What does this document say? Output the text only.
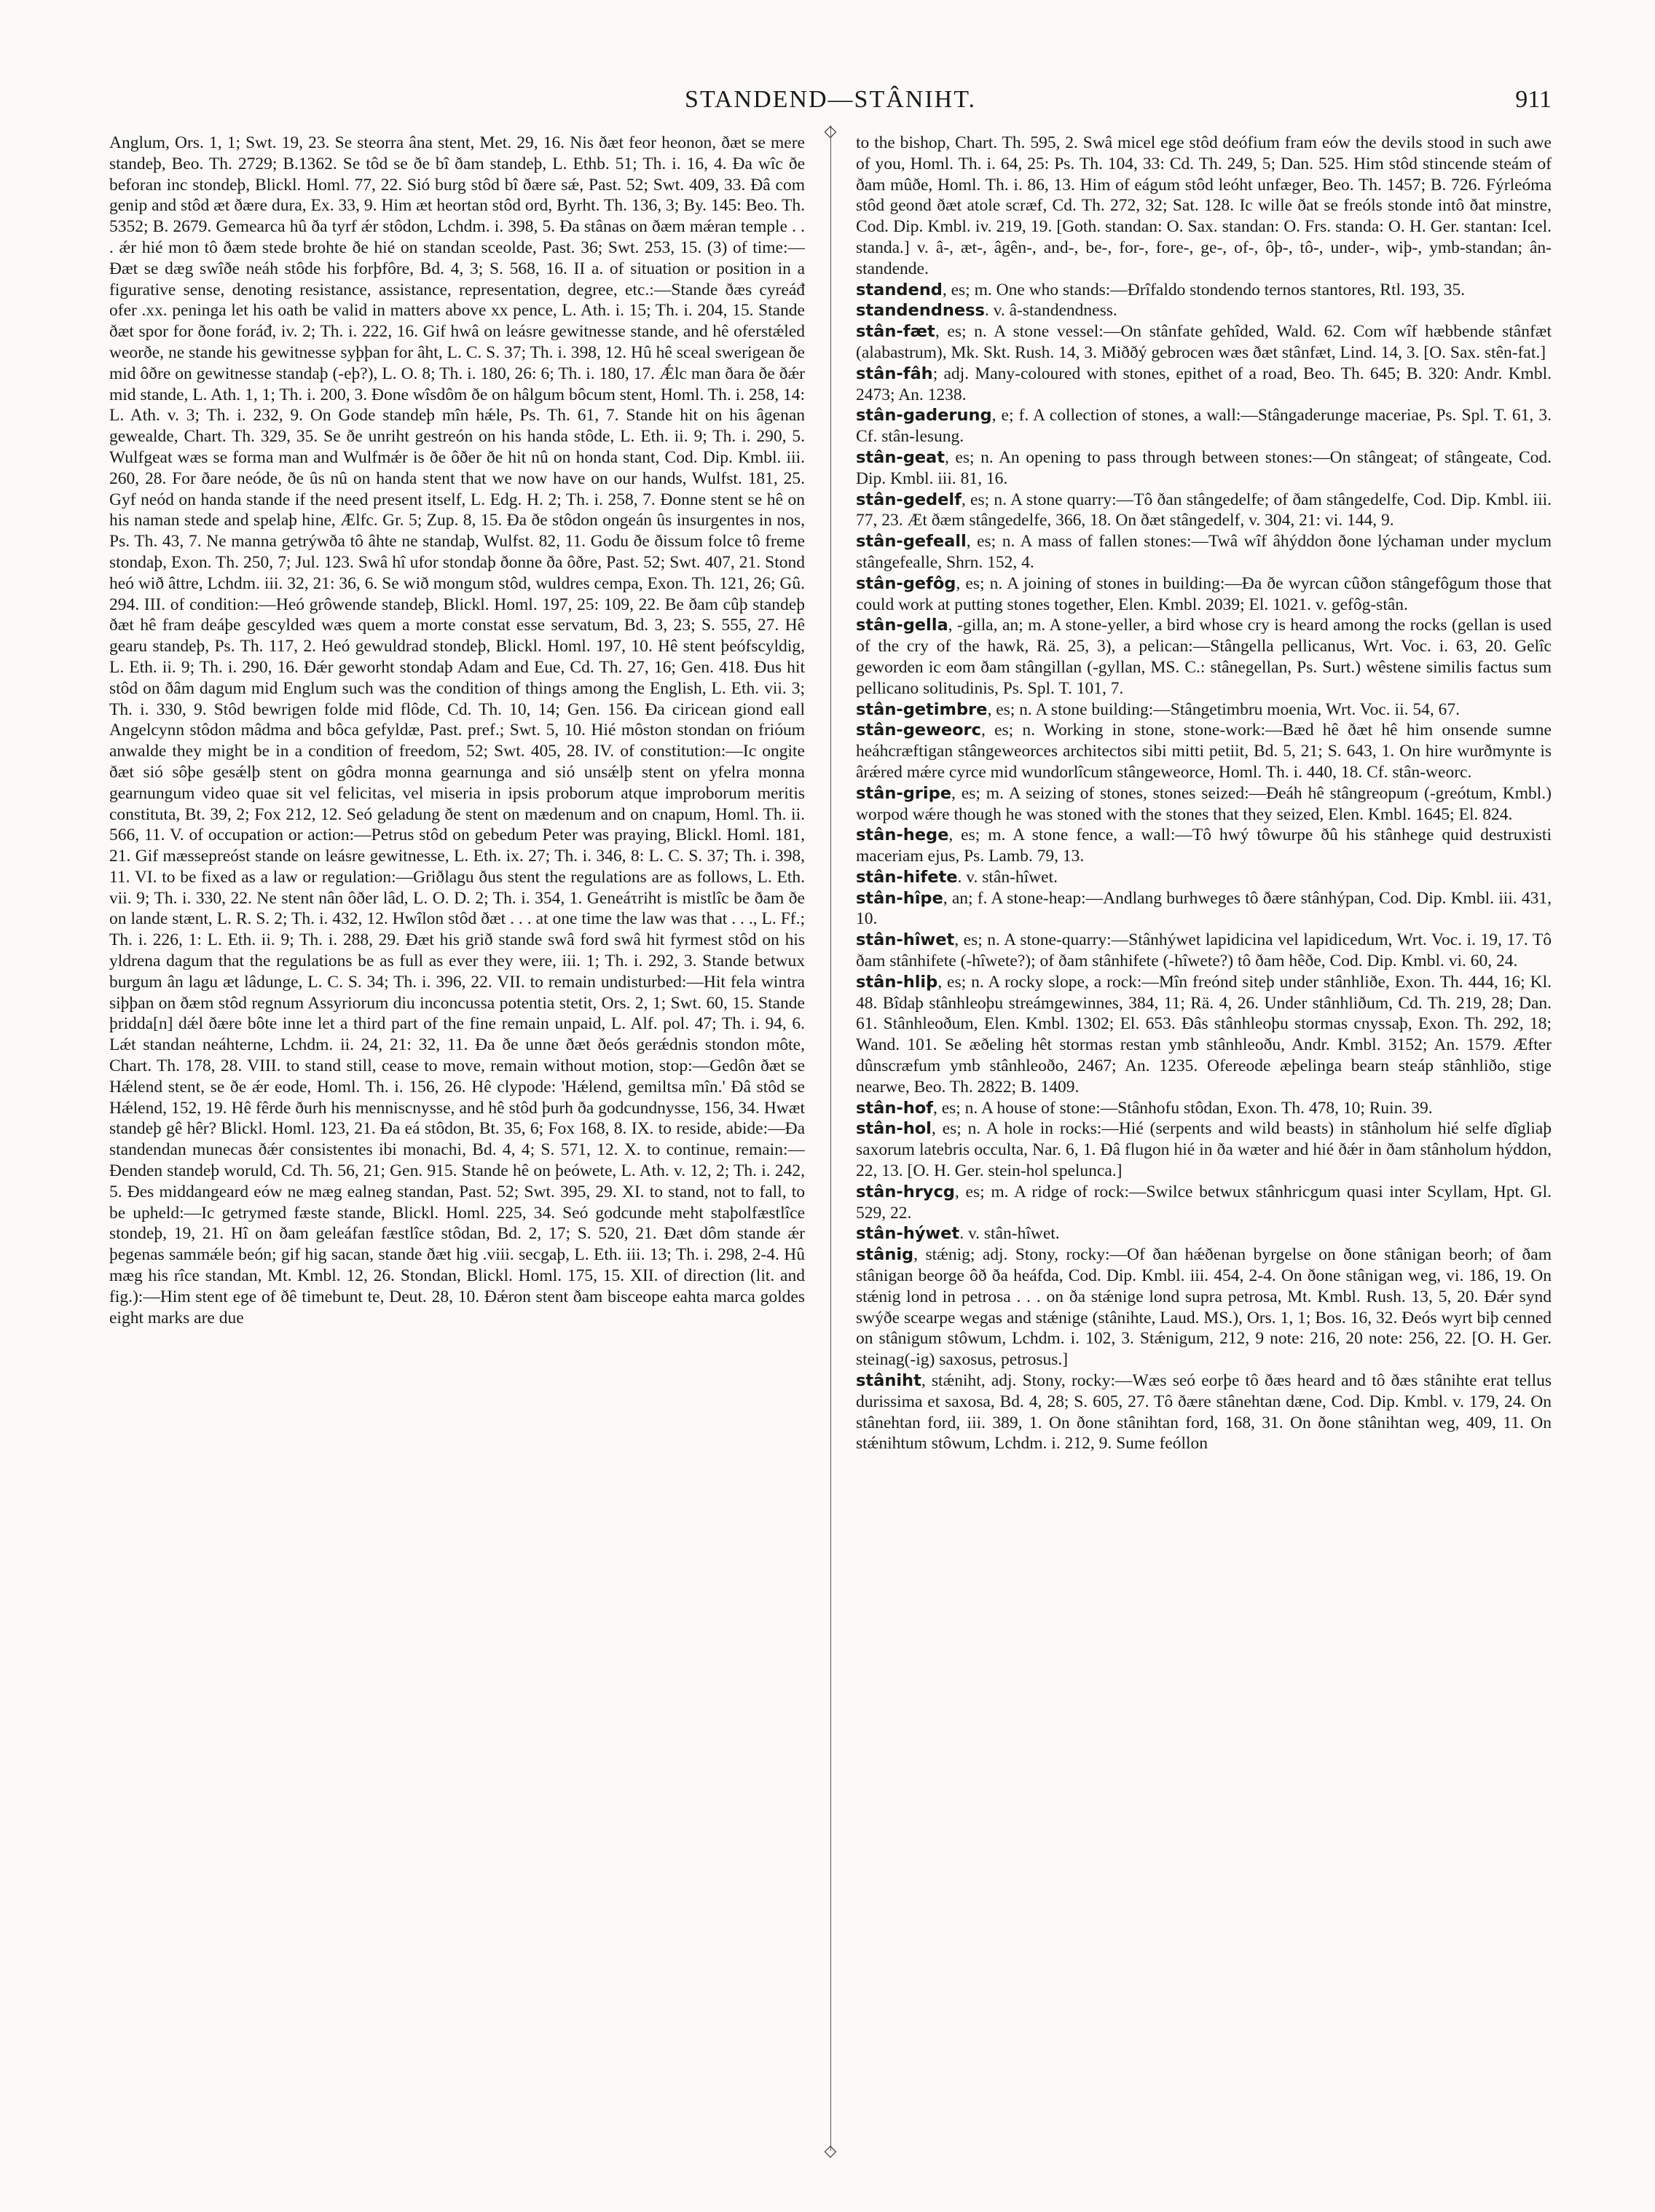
STANDEND—STÂNIHT.	911
◇
◇

Anglum, Ors. 1, 1; Swt. 19, 23. Se steorra âna stent, Met. 29, 16. Nis ðæt feor heonon, ðæt se mere standeþ, Beo. Th. 2729; B.1362. Se tôd se ðe bî ðam standeþ, L. Ethb. 51; Th. i. 16, 4. Ða wîc ðe beforan inc stondeþ, Blickl. Homl. 77, 22. Sió burg stôd bî ðære sǽ, Past. 52; Swt. 409, 33. Ðâ com genip and stôd æt ðære dura, Ex. 33, 9. Him æt heortan stôd ord, Byrht. Th. 136, 3; By. 145: Beo. Th. 5352; B. 2679. Gemearca hû ða tyrf ǽr stôdon, Lchdm. i. 398, 5. Ða stânas on ðæm mǽran temple . . . ǽr hié mon tô ðæm stede brohte ðe hié on standan sceolde, Past. 36; Swt. 253, 15. (3) of time:—Ðæt se dæg swîðe neáh stôde his forþfôre, Bd. 4, 3; S. 568, 16. II a. of situation or position in a figurative sense, denoting resistance, assistance, representation, degree, etc.:—Stande ðæs cyreáđ ofer .xx. peninga let his oath be valid in matters above xx pence, L. Ath. i. 15; Th. i. 204, 15. Stande ðæt spor for ðone foráđ, iv. 2; Th. i. 222, 16. Gif hwâ on leásre gewitnesse stande, and hê oferstǽled weorðe, ne stande his gewitnesse syþþan for âht, L. C. S. 37; Th. i. 398, 12. Hû hê sceal swerigean ðe mid ôðre on gewitnesse standaþ (-eþ?), L. O. 8; Th. i. 180, 26: 6; Th. i. 180, 17. Ǽlc man ðara ðe ðǽr mid stande, L. Ath. 1, 1; Th. i. 200, 3. Ðone wîsdôm ðe on hâlgum bôcum stent, Homl. Th. i. 258, 14: L. Ath. v. 3; Th. i. 232, 9. On Gode standeþ mîn hǽle, Ps. Th. 61, 7. Stande hit on his âgenan gewealde, Chart. Th. 329, 35. Se ðe unriht gestreón on his handa stôde, L. Eth. ii. 9; Th. i. 290, 5. Wulfgeat wæs se forma man and Wulfmǽr is ðe ôðer ðe hit nû on honda stant, Cod. Dip. Kmbl. iii. 260, 28. For ðare neóde, ðe ûs nû on handa stent that we now have on our hands, Wulfst. 181, 25. Gyf neód on handa stande if the need present itself, L. Edg. H. 2; Th. i. 258, 7. Ðonne stent se hê on his naman stede and spelaþ hine, Ælfc. Gr. 5; Zup. 8, 15. Ða ðe stôdon ongeán ûs insurgentes in nos, Ps. Th. 43, 7. Ne manna getrýwða tô âhte ne standaþ, Wulfst. 82, 11. Godu ðe ðissum folce tô freme stondaþ, Exon. Th. 250, 7; Jul. 123. Swâ hî ufor stondaþ ðonne ða ôðre, Past. 52; Swt. 407, 21. Stond heó wið âttre, Lchdm. iii. 32, 21: 36, 6. Se wið mongum stôd, wuldres cempa, Exon. Th. 121, 26; Gû. 294. III. of condition:—Heó grôwende standeþ, Blickl. Homl. 197, 25: 109, 22. Be ðam cûþ standeþ ðæt hê fram deáþe gescylded wæs quem a morte constat esse servatum, Bd. 3, 23; S. 555, 27. Hê gearu standeþ, Ps. Th. 117, 2. Heó gewuldrad stondeþ, Blickl. Homl. 197, 10. Hê stent þeófscyldig, L. Eth. ii. 9; Th. i. 290, 16. Ðǽr geworht stondaþ Adam and Eue, Cd. Th. 27, 16; Gen. 418. Ðus hit stôd on ðâm dagum mid Englum such was the condition of things among the English, L. Eth. vii. 3; Th. i. 330, 9. Stôd bewrigen folde mid flôde, Cd. Th. 10, 14; Gen. 156. Ða ciricean giond eall Angelcynn stôdon mâdma and bôca gefyldæ, Past. pref.; Swt. 5, 10. Hié môston stondan on frióum anwalde they might be in a condition of freedom, 52; Swt. 405, 28. IV. of constitution:—Ic ongite ðæt sió sôþe gesǽlþ stent on gôdra monna gearnunga and sió unsǽlþ stent on yfelra monna gearnungum video quae sit vel felicitas, vel miseria in ipsis proborum atque improborum meritis constituta, Bt. 39, 2; Fox 212, 12. Seó geladung ðe stent on mædenum and on cnapum, Homl. Th. ii. 566, 11. V. of occupation or action:—Petrus stôd on gebedum Peter was praying, Blickl. Homl. 181, 21. Gif mæssepreóst stande on leásre gewitnesse, L. Eth. ix. 27; Th. i. 346, 8: L. C. S. 37; Th. i. 398, 11. VI. to be fixed as a law or regulation:—Griðlagu ðus stent the regulations are as follows, L. Eth. vii. 9; Th. i. 330, 22. Ne stent nân ôðer lâd, L. O. D. 2; Th. i. 354, 1. Geneáτriht is mistlîc be ðam ðe on lande stænt, L. R. S. 2; Th. i. 432, 12. Hwîlon stôd ðæt . . . at one time the law was that . . ., L. Ff.; Th. i. 226, 1: L. Eth. ii. 9; Th. i. 288, 29. Ðæt his grið stande swâ ford swâ hit fyrmest stôd on his yldrena dagum that the regulations be as full as ever they were, iii. 1; Th. i. 292, 3. Stande betwux burgum ân lagu æt lâdunge, L. C. S. 34; Th. i. 396, 22. VII. to remain undisturbed:—Hit fela wintra siþþan on ðæm stôd regnum Assyriorum diu inconcussa potentia stetit, Ors. 2, 1; Swt. 60, 15. Stande þridda[n] dǽl ðære bôte inne let a third part of the fine remain unpaid, L. Alf. pol. 47; Th. i. 94, 6. Lǽt standan neáhterne, Lchdm. ii. 24, 21: 32, 11. Ða ðe unne ðæt ðeós gerǽdnis stondon môte, Chart. Th. 178, 28. VIII. to stand still, cease to move, remain without motion, stop:—Gedôn ðæt se Hǽlend stent, se ðe ǽr eode, Homl. Th. i. 156, 26. Hê clypode: 'Hǽlend, gemiltsa mîn.' Ðâ stôd se Hǽlend, 152, 19. Hê fêrde ðurh his menniscnysse, and hê stôd þurh ða godcundnysse, 156, 34. Hwæt standeþ gê hêr? Blickl. Homl. 123, 21. Ða eá stôdon, Bt. 35, 6; Fox 168, 8. IX. to reside, abide:—Ða standendan munecas ðǽr consistentes ibi monachi, Bd. 4, 4; S. 571, 12. X. to continue, remain:—Ðenden standeþ woruld, Cd. Th. 56, 21; Gen. 915. Stande hê on þeówete, L. Ath. v. 12, 2; Th. i. 242, 5. Ðes middangeard eów ne mæg ealneg standan, Past. 52; Swt. 395, 29. XI. to stand, not to fall, to be upheld:—Ic getrymed fæste stande, Blickl. Homl. 225, 34. Seó godcunde meht staþolfæstlîce stondeþ, 19, 21. Hî on ðam geleáfan fæstlîce stôdan, Bd. 2, 17; S. 520, 21. Ðæt dôm stande ǽr þegenas sammǽle beón; gif hig sacan, stande ðæt hig .viii. secgaþ, L. Eth. iii. 13; Th. i. 298, 2-4. Hû mæg his rîce standan, Mt. Kmbl. 12, 26. Stondan, Blickl. Homl. 175, 15. XII. of direction (lit. and fig.):—Him stent ege of ðê timebunt te, Deut. 28, 10. Ðǽron stent ðam bisceope eahta marca goldes eight marks are due

to the bishop, Chart. Th. 595, 2. Swâ micel ege stôd deófium fram eów the devils stood in such awe of you, Homl. Th. i. 64, 25: Ps. Th. 104, 33: Cd. Th. 249, 5; Dan. 525. Him stôd stincende steám of ðam mûðe, Homl. Th. i. 86, 13. Him of eágum stôd leóht unfæger, Beo. Th. 1457; B. 726. Fýrleóma stôd geond ðæt atole scræf, Cd. Th. 272, 32; Sat. 128. Ic wille ðat se freóls stonde intô ðat minstre, Cod. Dip. Kmbl. iv. 219, 19. [Goth. standan: O. Sax. standan: O. Frs. standa: O. H. Ger. stantan: Icel. standa.] v. â-, æt-, âgên-, and-, be-, for-, fore-, ge-, of-, ôþ-, tô-, under-, wiþ-, ymb-standan; ân-standende.

standend, es; m. One who stands:—Ðrîfaldo stondendo ternos stantores, Rtl. 193, 35.

standendness. v. â-standendness.

stân-fæt, es; n. A stone vessel:—On stânfate gehîded, Wald. 62. Com wîf hæbbende stânfæt (alabastrum), Mk. Skt. Rush. 14, 3. Miððý gebrocen wæs ðæt stânfæt, Lind. 14, 3. [O. Sax. stên-fat.]

stân-fâh; adj. Many-coloured with stones, epithet of a road, Beo. Th. 645; B. 320: Andr. Kmbl. 2473; An. 1238.

stân-gaderung, e; f. A collection of stones, a wall:—Stângaderunge maceriae, Ps. Spl. T. 61, 3. Cf. stân-lesung.

stân-geat, es; n. An opening to pass through between stones:—On stângeat; of stângeate, Cod. Dip. Kmbl. iii. 81, 16.

stân-gedelf, es; n. A stone quarry:—Tô ðan stângedelfe; of ðam stângedelfe, Cod. Dip. Kmbl. iii. 77, 23. Æt ðæm stângedelfe, 366, 18. On ðæt stângedelf, v. 304, 21: vi. 144, 9.

stân-gefeall, es; n. A mass of fallen stones:—Twâ wîf âhýddon ðone lýchaman under myclum stângefealle, Shrn. 152, 4.

stân-gefôg, es; n. A joining of stones in building:—Ða ðe wyrcan cûðon stângefôgum those that could work at putting stones together, Elen. Kmbl. 2039; El. 1021. v. gefôg-stân.

stân-gella, -gilla, an; m. A stone-yeller, a bird whose cry is heard among the rocks (gellan is used of the cry of the hawk, Rä. 25, 3), a pelican:—Stângella pellicanus, Wrt. Voc. i. 63, 20. Gelîc geworden ic eom ðam stângillan (-gyllan, MS. C.: stânegellan, Ps. Surt.) wêstene similis factus sum pellicano solitudinis, Ps. Spl. T. 101, 7.

stân-getimbre, es; n. A stone building:—Stângetimbru moenia, Wrt. Voc. ii. 54, 67.

stân-geweorc, es; n. Working in stone, stone-work:—Bæd hê ðæt hê him onsende sumne heáhcræftigan stângeweorces architectos sibi mitti petiit, Bd. 5, 21; S. 643, 1. On hire wurðmynte is ârǽred mǽre cyrce mid wundorlîcum stângeweorce, Homl. Th. i. 440, 18. Cf. stân-weorc.

stân-gripe, es; m. A seizing of stones, stones seized:—Ðeáh hê stângreopum (-greótum, Kmbl.) worpod wǽre though he was stoned with the stones that they seized, Elen. Kmbl. 1645; El. 824.

stân-hege, es; m. A stone fence, a wall:—Tô hwý tôwurpe ðû his stânhege quid destruxisti maceriam ejus, Ps. Lamb. 79, 13.

stân-hifete. v. stân-hîwet.

stân-hîpe, an; f. A stone-heap:—Andlang burhweges tô ðære stânhýpan, Cod. Dip. Kmbl. iii. 431, 10.

stân-hîwet, es; n. A stone-quarry:—Stânhýwet lapidicina vel lapidicedum, Wrt. Voc. i. 19, 17. Tô ðam stânhifete (-hîwete?); of ðam stânhifete (-hîwete?) tô ðam hêðe, Cod. Dip. Kmbl. vi. 60, 24.

stân-hliþ, es; n. A rocky slope, a rock:—Mîn freónd siteþ under stânhliðe, Exon. Th. 444, 16; Kl. 48. Bîdaþ stânhleoþu streámgewinnes, 384, 11; Rä. 4, 26. Under stânhliðum, Cd. Th. 219, 28; Dan. 61. Stânhleoðum, Elen. Kmbl. 1302; El. 653. Ðâs stânhleoþu stormas cnyssaþ, Exon. Th. 292, 18; Wand. 101. Se æðeling hêt stormas restan ymb stânhleoðu, Andr. Kmbl. 3152; An. 1579. Æfter dûnscræfum ymb stânhleoðo, 2467; An. 1235. Ofereode æþelinga bearn steáp stânhliðo, stige nearwe, Beo. Th. 2822; B. 1409.

stân-hof, es; n. A house of stone:—Stânhofu stôdan, Exon. Th. 478, 10; Ruin. 39.

stân-hol, es; n. A hole in rocks:—Hié (serpents and wild beasts) in stânholum hié selfe dîgliaþ saxorum latebris occulta, Nar. 6, 1. Ðâ flugon hié in ða wæter and hié ðǽr in ðam stânholum hýddon, 22, 13. [O. H. Ger. stein-hol spelunca.]

stân-hrycg, es; m. A ridge of rock:—Swilce betwux stânhricgum quasi inter Scyllam, Hpt. Gl. 529, 22.

stân-hýwet. v. stân-hîwet.

stânig, stǽnig; adj. Stony, rocky:—Of ðan hǽðenan byrgelse on ðone stânigan beorh; of ðam stânigan beorge ôð ða heáfda, Cod. Dip. Kmbl. iii. 454, 2-4. On ðone stânigan weg, vi. 186, 19. On stǽnig lond in petrosa . . . on ða stǽnige lond supra petrosa, Mt. Kmbl. Rush. 13, 5, 20. Ðǽr synd swýðe scearpe wegas and stǽnige (stânihte, Laud. MS.), Ors. 1, 1; Bos. 16, 32. Ðeós wyrt biþ cenned on stânigum stôwum, Lchdm. i. 102, 3. Stǽnigum, 212, 9 note: 216, 20 note: 256, 22. [O. H. Ger. steinag(-ig) saxosus, petrosus.]

stâniht, stǽniht, adj. Stony, rocky:—Wæs seó eorþe tô ðæs heard and tô ðæs stânihte erat tellus durissima et saxosa, Bd. 4, 28; S. 605, 27. Tô ðære stânehtan dæne, Cod. Dip. Kmbl. v. 179, 24. On stânehtan ford, iii. 389, 1. On ðone stânihtan ford, 168, 31. On ðone stânihtan weg, 409, 11. On stǽnihtum stôwum, Lchdm. i. 212, 9. Sume feóllon
